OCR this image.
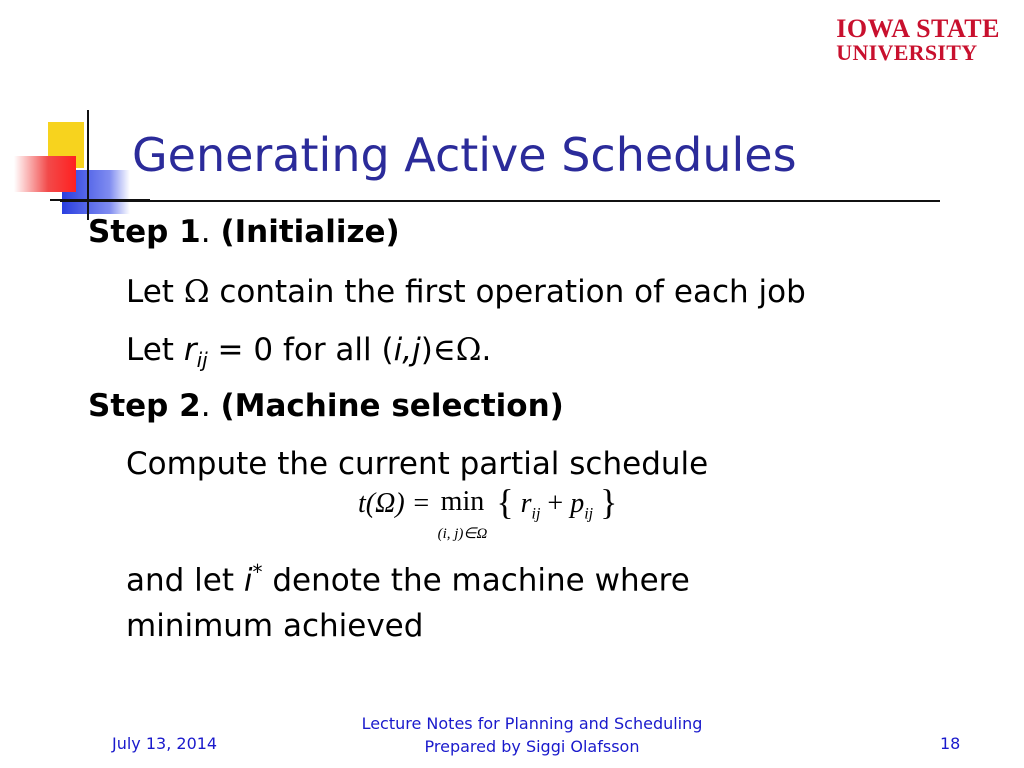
IOWA STATE
UNIVERSITY
Generating Active Schedules
Step 1. (Initialize)
Let Ω contain the first operation of each job
Let $r_{ij} = 0$ for all (i,j)∈Ω.
Step 2. (Machine selection)
Compute the current partial schedule
and let i* denote the machine where
minimum achieved
t(Ω) = min
(i, j)∈Ω { $r_{ij} + p_{ij}$ }
July 13, 2014
Lecture Notes for Planning and Scheduling
Prepared by Siggi Olafsson	18
